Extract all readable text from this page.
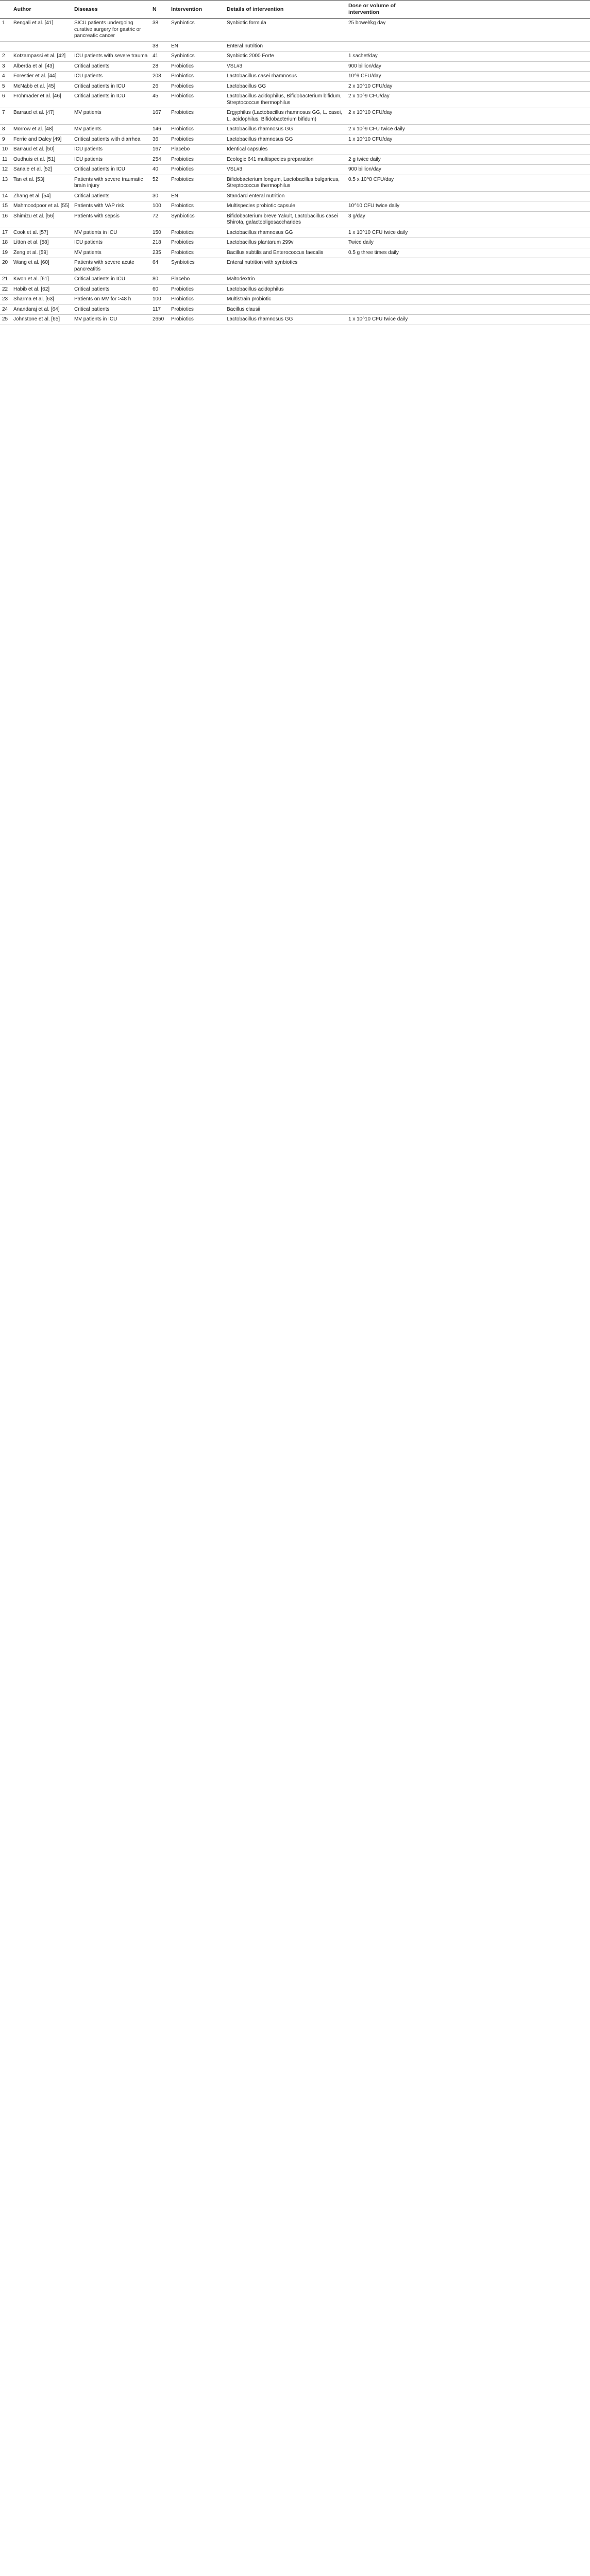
	Author	Diseases	N	Intervention	Details of intervention	Dose or volume of intervention	
1	Bengali et al. [41]	SICU patients undergoing curative surgery for gastric or pancreatic cancer	38	Synbiotics	Synbiotic formula	25 bowel/kg day	
			38	EN	Enteral nutrition		
2	Kotzampassi et al. [42]	ICU patients with severe trauma	41	Synbiotics	Synbiotic 2000 Forte	1 sachet/day	
3	Alberda et al. [43]	Critical patients	28	Probiotics	VSL#3	900 billion/day	
4	Forestier et al. [44]	ICU patients	208	Probiotics	Lactobacillus casei rhamnosus	10^9 CFU/day	
5	McNabb et al. [45]	Critical patients in ICU	26	Probiotics	Lactobacillus GG	2 x 10^10 CFU/day	
6	Frohmader et al. [46]	Critical patients in ICU	45	Probiotics	Lactobacillus acidophilus, Bifidobacterium bifidum, Streptococcus thermophilus	2 x 10^9 CFU/day	
7	Barraud et al. [47]	MV patients	167	Probiotics	Ergyphilus (Lactobacillus rhamnosus GG, L. casei, L. acidophilus, Bifidobacterium bifidum)	2 x 10^10 CFU/day	
8	Morrow et al. [48]	MV patients	146	Probiotics	Lactobacillus rhamnosus GG	2 x 10^9 CFU twice daily	
9	Ferrie and Daley [49]	Critical patients with diarrhea	36	Probiotics	Lactobacillus rhamnosus GG	1 x 10^10 CFU/day	
10	Barraud et al. [50]	ICU patients	167	Placebo	Identical capsules		
11	Oudhuis et al. [51]	ICU patients	254	Probiotics	Ecologic 641 multispecies preparation	2 g twice daily	
12	Sanaie et al. [52]	Critical patients in ICU	40	Probiotics	VSL#3	900 billion/day	
13	Tan et al. [53]	Patients with severe traumatic brain injury	52	Probiotics	Bifidobacterium longum, Lactobacillus bulgaricus, Streptococcus thermophilus	0.5 x 10^8 CFU/day	
14	Zhang et al. [54]	Critical patients	30	EN	Standard enteral nutrition		
15	Mahmoodpoor et al. [55]	Patients with VAP risk	100	Probiotics	Multispecies probiotic capsule	10^10 CFU twice daily	
16	Shimizu et al. [56]	Patients with sepsis	72	Synbiotics	Bifidobacterium breve Yakult, Lactobacillus casei Shirota, galactooligosaccharides	3 g/day	
17	Cook et al. [57]	MV patients in ICU	150	Probiotics	Lactobacillus rhamnosus GG	1 x 10^10 CFU twice daily	
18	Litton et al. [58]	ICU patients	218	Probiotics	Lactobacillus plantarum 299v	Twice daily	
19	Zeng et al. [59]	MV patients	235	Probiotics	Bacillus subtilis and Enterococcus faecalis	0.5 g three times daily	
20	Wang et al. [60]	Patients with severe acute pancreatitis	64	Synbiotics	Enteral nutrition with synbiotics		
21	Kwon et al. [61]	Critical patients in ICU	80	Placebo	Maltodextrin		
22	Habib et al. [62]	Critical patients	60	Probiotics	Lactobacillus acidophilus		
23	Sharma et al. [63]	Patients on MV for >48 h	100	Probiotics	Multistrain probiotic		
24	Anandaraj et al. [64]	Critical patients	117	Probiotics	Bacillus clausii		
25	Johnstone et al. [65]	MV patients in ICU	2650	Probiotics	Lactobacillus rhamnosus GG	1 x 10^10 CFU twice daily	
